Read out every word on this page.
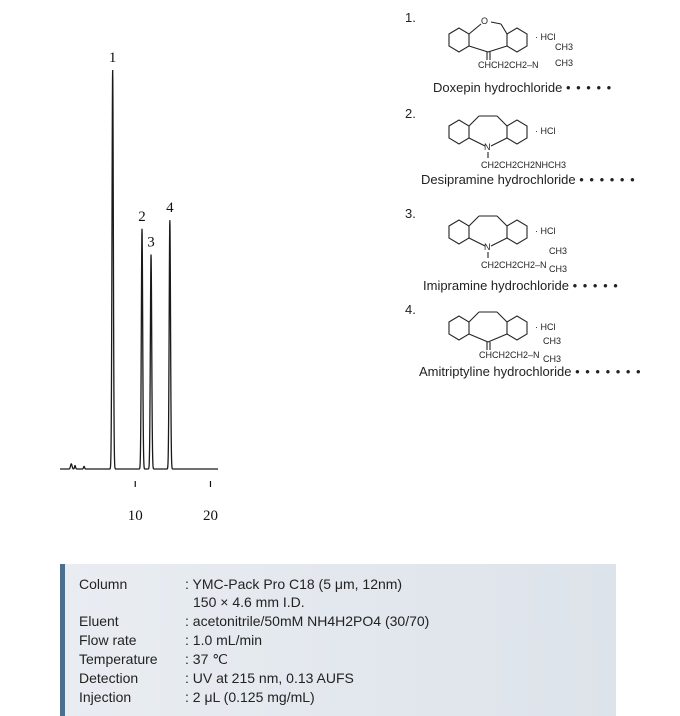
1
2
3
4
10	20
1.	O
CHCH2CH2–N CH3
CH3
· HCl
Doxepin hydrochloride • • • • •
2.
N
CH2CH2CH2NHCH3
· HCl
Desipramine hydrochloride • • • • • •
3.
N
CH2CH2CH2–N
CH3
CH3
· HCl
Imipramine hydrochloride • • • • •
4.
CHCH2CH2–N
CH3
CH3
· HCl
Amitriptyline hydrochloride • • • • • • •
Column	: YMC-Pack Pro C18 (5 μm, 12nm)
150 × 4.6 mm I.D.
Eluent	: acetonitrile/50mM NH4H2PO4 (30/70)
Flow rate	: 1.0 mL/min
Temperature : 37 ℃
Detection	: UV at 215 nm, 0.13 AUFS
Injection	: 2 μL (0.125 mg/mL)
